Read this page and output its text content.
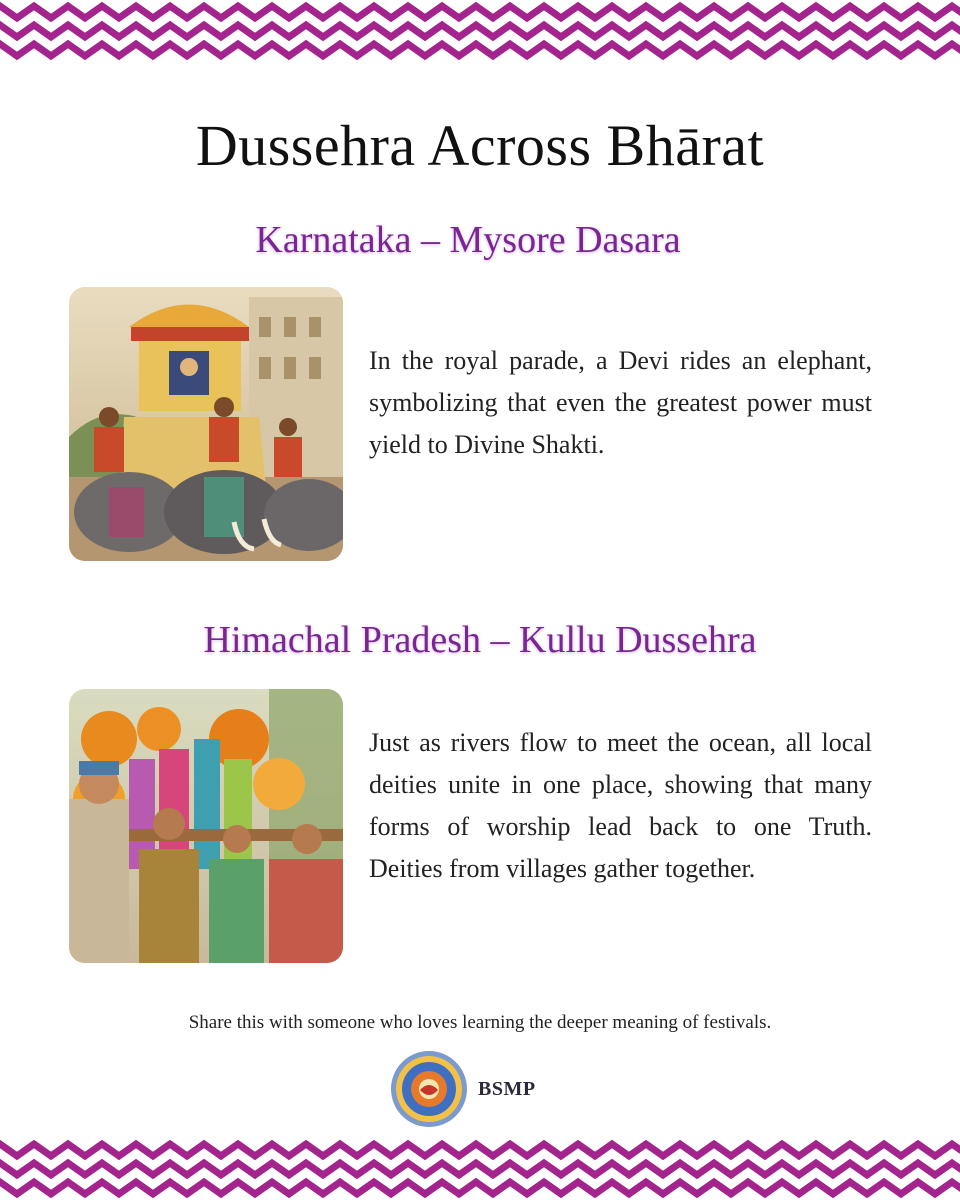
Dussehra Across Bhārat
Karnataka – Mysore Dasara

In the royal parade, a Devi rides an elephant, symbolizing that even the greatest power must yield to Divine Shakti.

Himachal Pradesh – Kullu Dussehra

Just as rivers flow to meet the ocean, all local deities unite in one place, showing that many forms of worship lead back to one Truth. Deities from villages gather together.

Share this with someone who loves learning the deeper meaning of festivals.

BSMP
